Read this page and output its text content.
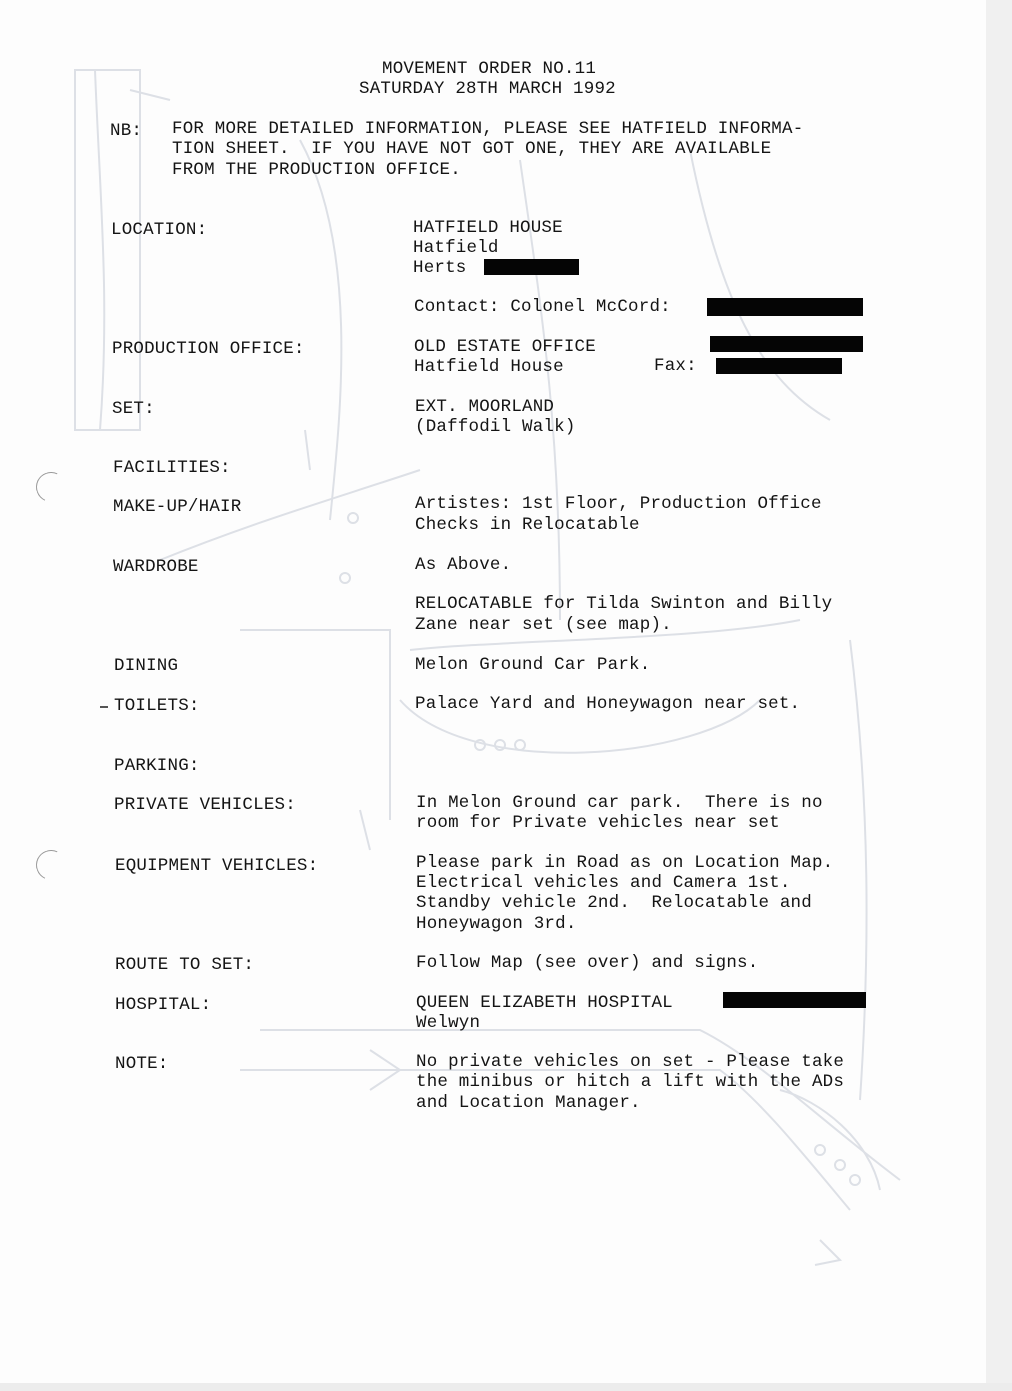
MOVEMENT ORDER NO.11
SATURDAY 28TH MARCH 1992
NB: FOR MORE DETAILED INFORMATION, PLEASE SEE HATFIELD INFORMA-
TION SHEET.  IF YOU HAVE NOT GOT ONE, THEY ARE AVAILABLE
FROM THE PRODUCTION OFFICE.
LOCATION:	HATFIELD HOUSE
Hatfield
Herts
Contact: Colonel McCord:
PRODUCTION OFFICE:	OLD ESTATE OFFICE
Hatfield House	Fax:
SET:	EXT. MOORLAND
(Daffodil Walk)
FACILITIES:
MAKE-UP/HAIR	Artistes: 1st Floor, Production Office
Checks in Relocatable
WARDROBE	As Above.
RELOCATABLE for Tilda Swinton and Billy
Zane near set (see map).
DINING	Melon Ground Car Park.
TOILETS:	Palace Yard and Honeywagon near set.
PARKING:
PRIVATE VEHICLES:	In Melon Ground car park.  There is no
room for Private vehicles near set
EQUIPMENT VEHICLES:	Please park in Road as on Location Map.
Electrical vehicles and Camera 1st.
Standby vehicle 2nd.  Relocatable and
Honeywagon 3rd.
ROUTE TO SET:	Follow Map (see over) and signs.
HOSPITAL:	QUEEN ELIZABETH HOSPITAL
Welwyn
NOTE:	No private vehicles on set - Please take
the minibus or hitch a lift with the ADs
and Location Manager.
